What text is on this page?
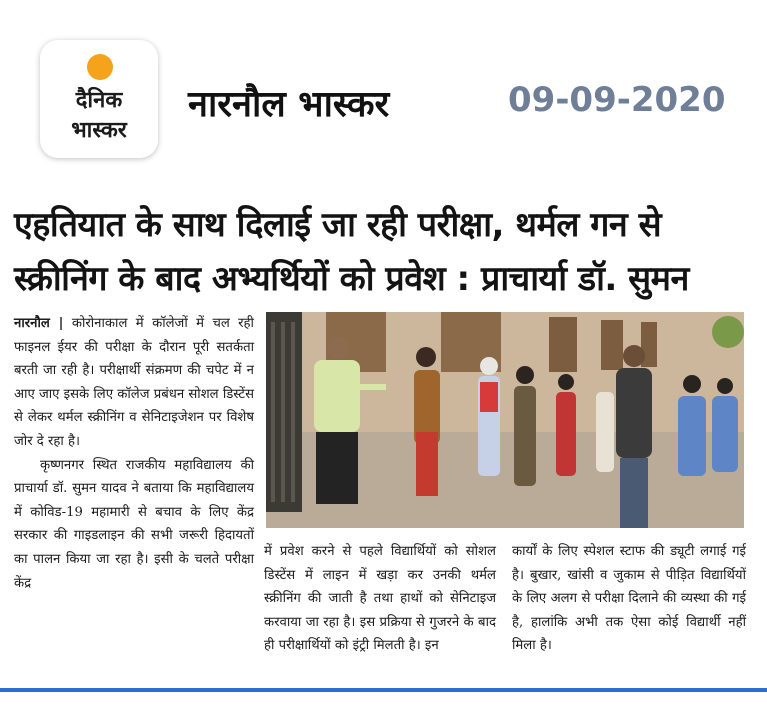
दैनिक
भास्कर
नारनौल भास्कर	09-09-2020
एहतियात के साथ दिलाई जा रही परीक्षा, थर्मल गन से
स्क्रीनिंग के बाद अभ्यर्थियों को प्रवेश : प्राचार्या डॉ. सुमन

नारनौल | कोरोनाकाल में कॉलेजों में चल रही फाइनल ईयर की परीक्षा के दौरान पूरी सतर्कता बरती जा रही है। परीक्षार्थी संक्रमण की चपेट में न आए जाए इसके लिए कॉलेज प्रबंधन सोशल डिस्टेंस से लेकर थर्मल स्क्रीनिंग व सेनिटाइजेशन पर विशेष जोर दे रहा है।

कृष्णनगर स्थित राजकीय महाविद्यालय की प्राचार्या डॉ. सुमन यादव ने बताया कि महाविद्यालय में कोविड-19 महामारी से बचाव के लिए केंद्र सरकार की गाइडलाइन की सभी जरूरी हिदायतों का पालन किया जा रहा है। इसी के चलते परीक्षा केंद्र

में प्रवेश करने से पहले विद्यार्थियों को सोशल डिस्टेंस में लाइन में खड़ा कर उनकी थर्मल स्क्रीनिंग की जाती है तथा हाथों को सेनिटाइज करवाया जा रहा है। इस प्रक्रिया से गुजरने के बाद ही परीक्षार्थियों को इंट्री मिलती है। इन

कार्यों के लिए स्पेशल स्टाफ की ड्यूटी लगाई गई है। बुखार, खांसी व जुकाम से पीड़ित विद्यार्थियों के लिए अलग से परीक्षा दिलाने की व्यस्था की गई है, हालांकि अभी तक ऐसा कोई विद्यार्थी नहीं मिला है।
